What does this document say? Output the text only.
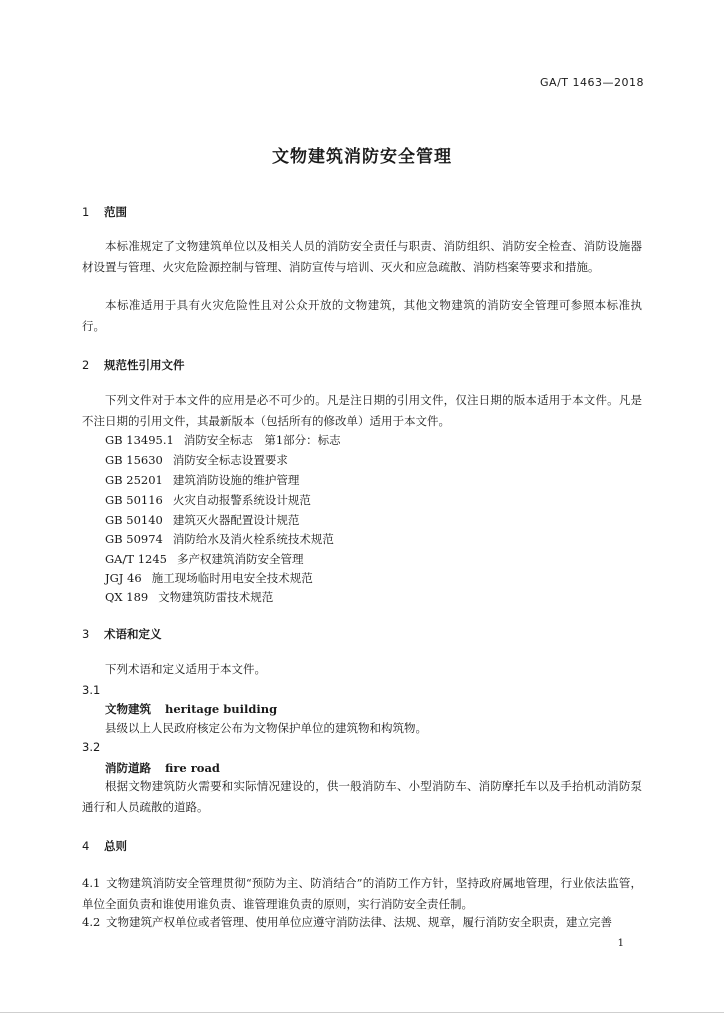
GA/T 1463—2018
文物建筑消防安全管理
1 范围
本标准规定了文物建筑单位以及相关人员的消防安全责任与职责、消防组织、消防安全检查、消防设施器材设置与管理、火灾危险源控制与管理、消防宣传与培训、灭火和应急疏散、消防档案等要求和措施。
本标准适用于具有火灾危险性且对公众开放的文物建筑，其他文物建筑的消防安全管理可参照本标准执行。
2 规范性引用文件
下列文件对于本文件的应用是必不可少的。凡是注日期的引用文件，仅注日期的版本适用于本文件。凡是不注日期的引用文件，其最新版本（包括所有的修改单）适用于本文件。
GB 13495.1 消防安全标志　第1部分：标志
GB 15630 消防安全标志设置要求
GB 25201 建筑消防设施的维护管理
GB 50116 火灾自动报警系统设计规范
GB 50140 建筑灭火器配置设计规范
GB 50974 消防给水及消火栓系统技术规范
GA/T 1245 多产权建筑消防安全管理
JGJ 46 施工现场临时用电安全技术规范
QX 189 文物建筑防雷技术规范
3 术语和定义
下列术语和定义适用于本文件。
3.1
文物建筑 heritage building
县级以上人民政府核定公布为文物保护单位的建筑物和构筑物。
3.2
消防道路 fire road
根据文物建筑防火需要和实际情况建设的，供一般消防车、小型消防车、消防摩托车以及手抬机动消防泵通行和人员疏散的道路。
4 总则
4.1 文物建筑消防安全管理贯彻“预防为主、防消结合”的消防工作方针，坚持政府属地管理，行业依法监管，单位全面负责和谁使用谁负责、谁管理谁负责的原则，实行消防安全责任制。
4.2 文物建筑产权单位或者管理、使用单位应遵守消防法律、法规、规章，履行消防安全职责，建立完善
1
